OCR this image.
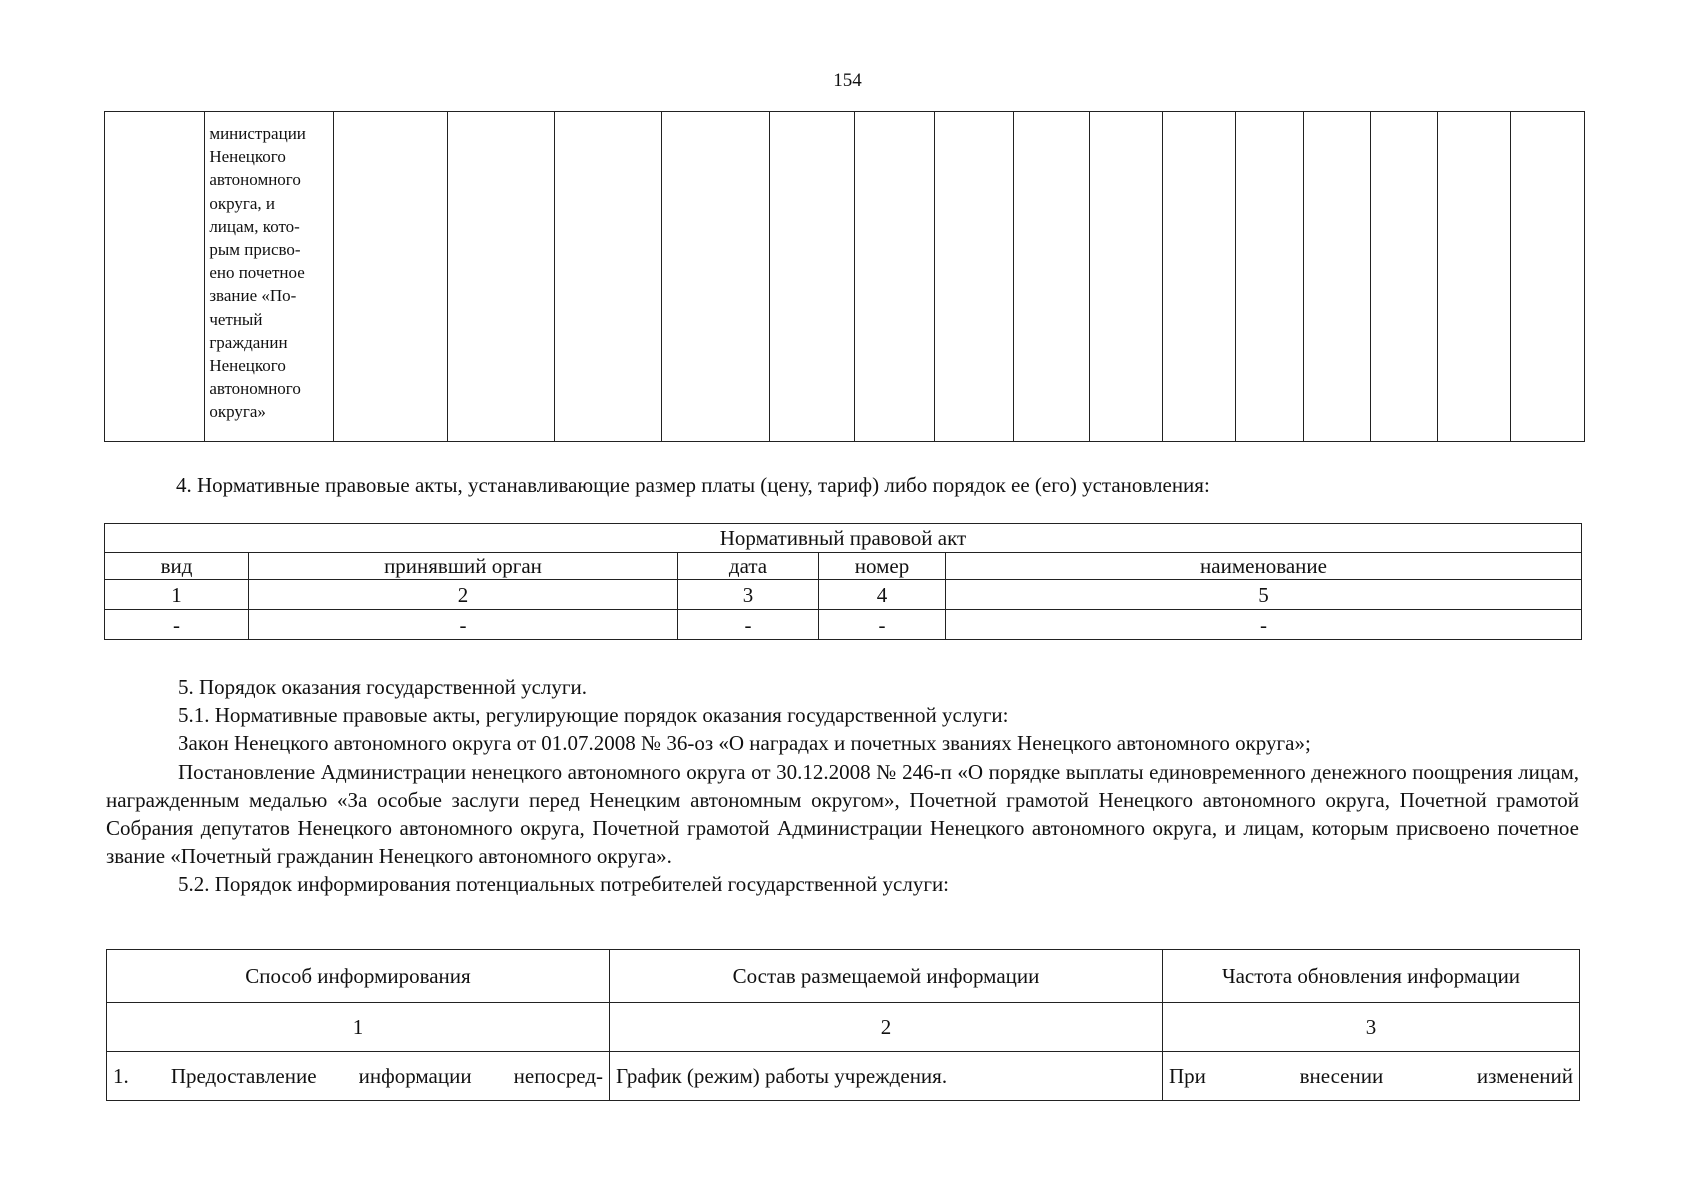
154

министрации
Ненецкого
автономного
округа, и
лицам, кото-
рым присво-
ено почетное
звание «По-
четный
гражданин
Ненецкого
автономного
округа»

4. Нормативные правовые акты, устанавливающие размер платы (цену, тариф) либо порядок ее (его) установления:
Нормативный правовой акт				
вид	принявший орган	дата	номер	наименование
1	2	3	4	5
-	-	-	-	-
5. Порядок оказания государственной услуги.
5.1. Нормативные правовые акты, регулирующие порядок оказания государственной услуги:
Закон Ненецкого автономного округа от 01.07.2008 № 36-оз «О наградах и почетных званиях Ненецкого автономного округа»;
Постановление Администрации ненецкого автономного округа от 30.12.2008 № 246-п «О порядке выплаты единовременного денежного поощрения лицам, награжденным медалью «За особые заслуги перед Ненецким автономным округом», Почетной грамотой Ненецкого автономного округа, Почетной грамотой Собрания депутатов Ненецкого автономного округа, Почетной грамотой Администрации Ненецкого автономного округа, и лицам, которым присвоено почетное звание «Почетный гражданин Ненецкого автономного округа».
5.2. Порядок информирования потенциальных потребителей государственной услуги:
Способ информирования	Состав размещаемой информации	Частота обновления информации
1	2	3
1. Предоставление информации непосред-	График (режим) работы учреждения.	При внесении изменений
